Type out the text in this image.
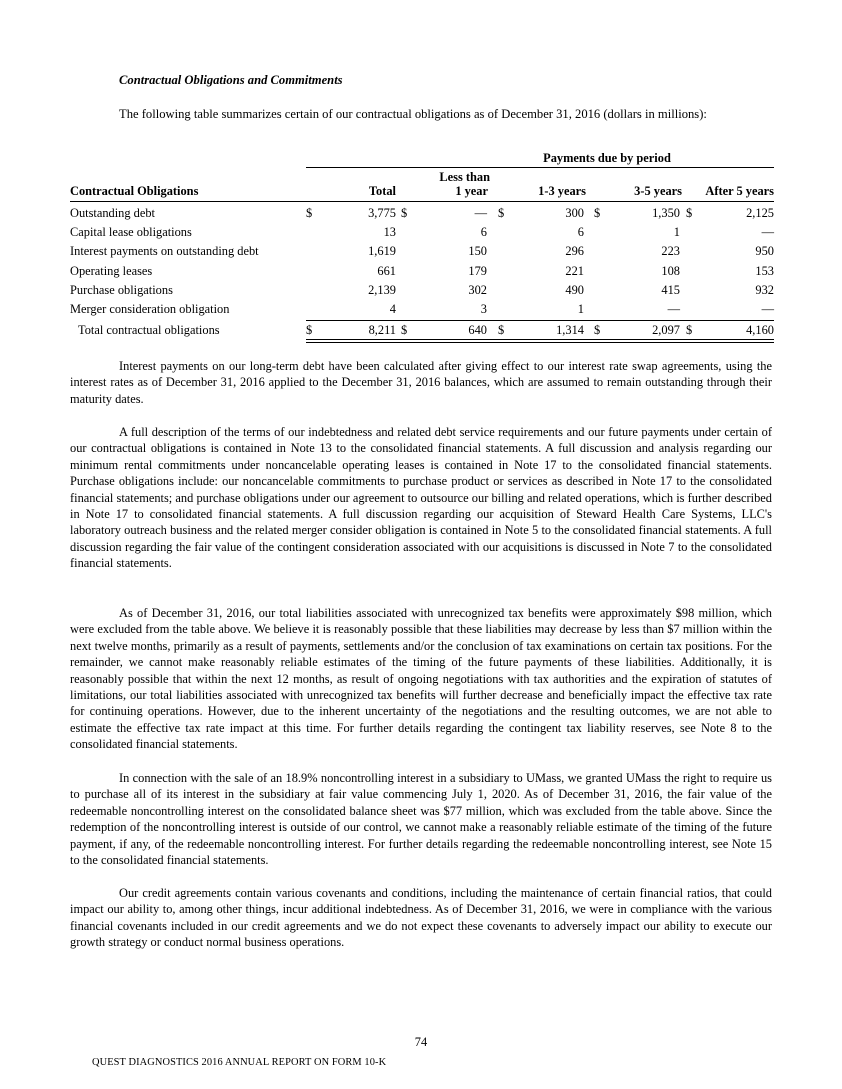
Contractual Obligations and Commitments
The following table summarizes certain of our contractual obligations as of December 31, 2016 (dollars in millions):
Payments due by period
Contractual Obligations	Total
Less than
1 year	1-3 years	3-5 years	After 5 years
Outstanding debt	$	3,775 $	— $	300 $	1,350 $	2,125
Capital lease obligations	13	6	6	1	—
Interest payments on outstanding debt	1,619	150	296	223	950
Operating leases	661	179	221	108	153
Purchase obligations	2,139	302	490	415	932
Merger consideration obligation	4	3	1	—	—
Total contractual obligations	$	8,211 $	640 $	1,314 $	2,097 $	4,160
Interest payments on our long-term debt have been calculated after giving effect to our interest rate swap agreements, using the interest rates as of December 31, 2016 applied to the December 31, 2016 balances, which are assumed to remain outstanding through their maturity dates.
A full description of the terms of our indebtedness and related debt service requirements and our future payments under certain of our contractual obligations is contained in Note 13 to the consolidated financial statements. A full discussion and analysis regarding our minimum rental commitments under noncancelable operating leases is contained in Note 17 to the consolidated financial statements. Purchase obligations include: our noncancelable commitments to purchase product or services as described in Note 17 to the consolidated financial statements; and purchase obligations under our agreement to outsource our billing and related operations, which is further described in Note 17 to consolidated financial statements. A full discussion regarding our acquisition of Steward Health Care Systems, LLC's laboratory outreach business and the related merger consider obligation is contained in Note 5 to the consolidated financial statements. A full discussion regarding the fair value of the contingent consideration associated with our acquisitions is discussed in Note 7 to the consolidated financial statements.
As of December 31, 2016, our total liabilities associated with unrecognized tax benefits were approximately $98 million, which were excluded from the table above. We believe it is reasonably possible that these liabilities may decrease by less than $7 million within the next twelve months, primarily as a result of payments, settlements and/or the conclusion of tax examinations on certain tax positions. For the remainder, we cannot make reasonably reliable estimates of the timing of the future payments of these liabilities. Additionally, it is reasonably possible that within the next 12 months, as result of ongoing negotiations with tax authorities and the expiration of statutes of limitations, our total liabilities associated with unrecognized tax benefits will further decrease and beneficially impact the effective tax rate for continuing operations. However, due to the inherent uncertainty of the negotiations and the resulting outcomes, we are not able to estimate the effective tax rate impact at this time. For further details regarding the contingent tax liability reserves, see Note 8 to the consolidated financial statements.
In connection with the sale of an 18.9% noncontrolling interest in a subsidiary to UMass, we granted UMass the right to require us to purchase all of its interest in the subsidiary at fair value commencing July 1, 2020. As of December 31, 2016, the fair value of the redeemable noncontrolling interest on the consolidated balance sheet was $77 million, which was excluded from the table above. Since the redemption of the noncontrolling interest is outside of our control, we cannot make a reasonably reliable estimate of the timing of the future payment, if any, of the redeemable noncontrolling interest. For further details regarding the redeemable noncontrolling interest, see Note 15 to the consolidated financial statements.
Our credit agreements contain various covenants and conditions, including the maintenance of certain financial ratios, that could impact our ability to, among other things, incur additional indebtedness. As of December 31, 2016, we were in compliance with the various financial covenants included in our credit agreements and we do not expect these covenants to adversely impact our ability to execute our growth strategy or conduct normal business operations.
74
QUEST DIAGNOSTICS 2016 ANNUAL REPORT ON FORM 10-K
